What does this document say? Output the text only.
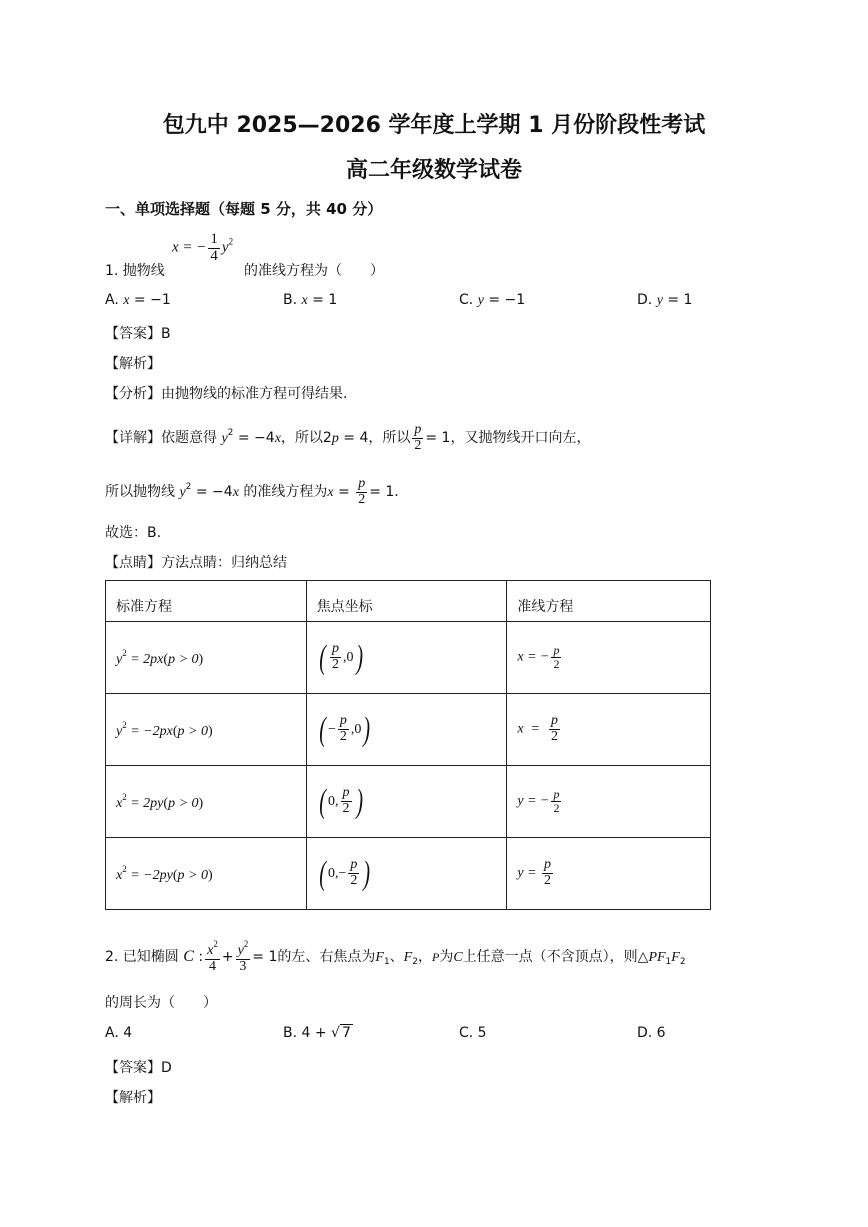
包九中 2025—2026 学年度上学期 1 月份阶段性考试
高二年级数学试卷
一、单项选择题（每题 5 分，共 40 分）
x = − $\frac{1}{4} y^2$
1. 抛物线	的准线方程为（　　）
A. x = −1	B. x = 1	C. y = −1	D. y = 1
【答案】B
【解析】
【分析】由抛物线的标准方程可得结果.
【详解】依题意得 $y^2 = -4x$，所以2p = 4，所以 $\frac{p}{2} = 1$，又抛物线开口向左，
所以抛物线 $y^2 = -4x$ 的准线方程为$x = \frac{p}{2} = 1$.
故选：B.
【点睛】方法点睛：归纳总结
标准方程	焦点坐标	准线方程
$y^2 = 2px(p > 0)$	( $\frac{p}{2} ,0$)	x = − $\frac{p}{2}$

$y^2 = -2px(p > 0)$	( − $\frac{p}{2} ,0$)	$x = \frac{p}{2}$

$x^2 = 2py(p > 0)$	( 0, $\frac{p}{2}$ )	y = − $\frac{p}{2}$

$x^2 = -2py(p > 0)$	( $0,- \frac{p}{2}$ )	$y = \frac{p}{2}$
2. 已知椭圆 C : $\frac{x^2}{4} + \frac{y^2}{3} = 1$的左、右焦点为$F_1$、$F_2$，P为C上任意一点（不含顶点），则$\triangle PF_1F_2$
的周长为（　　）
A. 4	B. 4 + √ 7	C. 5	D. 6
【答案】D
【解析】
